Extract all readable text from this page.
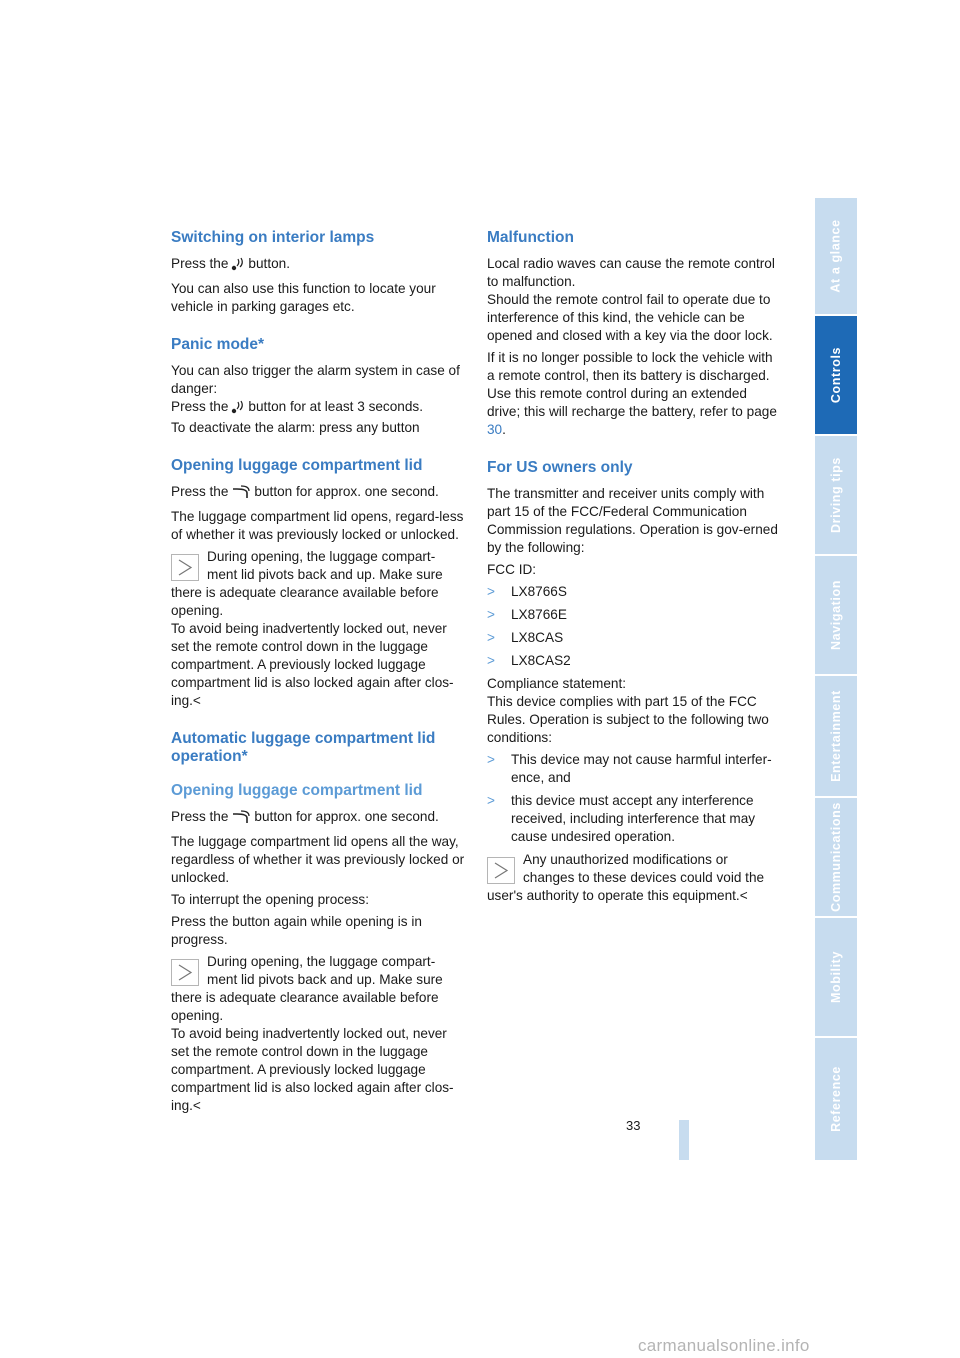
Switching on interior lamps

Press the button.

You can also use this function to locate your vehicle in parking garages etc.

Panic mode*

You can also trigger the alarm system in case of danger:
Press the button for at least 3 seconds.
To deactivate the alarm: press any button

Opening luggage compartment lid

Press the button for approx. one second.

The luggage compartment lid opens, regard-less of whether it was previously locked or unlocked.

During opening, the luggage compart-ment lid pivots back and up. Make sure there is adequate clearance available before opening.
To avoid being inadvertently locked out, never set the remote control down in the luggage compartment. A previously locked luggage compartment lid is also locked again after clos-ing.<
Automatic luggage compartment lid operation*
Opening luggage compartment lid

Press the button for approx. one second.

The luggage compartment lid opens all the way, regardless of whether it was previously locked or unlocked.

To interrupt the opening process:

Press the button again while opening is in progress.

During opening, the luggage compart-ment lid pivots back and up. Make sure there is adequate clearance available before opening.
To avoid being inadvertently locked out, never set the remote control down in the luggage compartment. A previously locked luggage compartment lid is also locked again after clos-ing.<
Malfunction

Local radio waves can cause the remote control to malfunction.
Should the remote control fail to operate due to interference of this kind, the vehicle can be opened and closed with a key via the door lock.

If it is no longer possible to lock the vehicle with a remote control, then its battery is discharged. Use this remote control during an extended drive; this will recharge the battery, refer to page 30.

For US owners only

The transmitter and receiver units comply with part 15 of the FCC/Federal Communication Commission regulations. Operation is gov-erned by the following:

FCC ID:

> LX8766S
> LX8766E
> LX8CAS
> LX8CAS2

Compliance statement:
This device complies with part 15 of the FCC Rules. Operation is subject to the following two conditions:

> This device may not cause harmful interfer-ence, and
> this device must accept any interference received, including interference that may cause undesired operation.
Any unauthorized modifications or changes to these devices could void the user's authority to operate this equipment.<
At a glance
Controls
Driving tips
Navigation
Entertainment
Communications
Mobility
Reference
33
carmanualsonline.info
